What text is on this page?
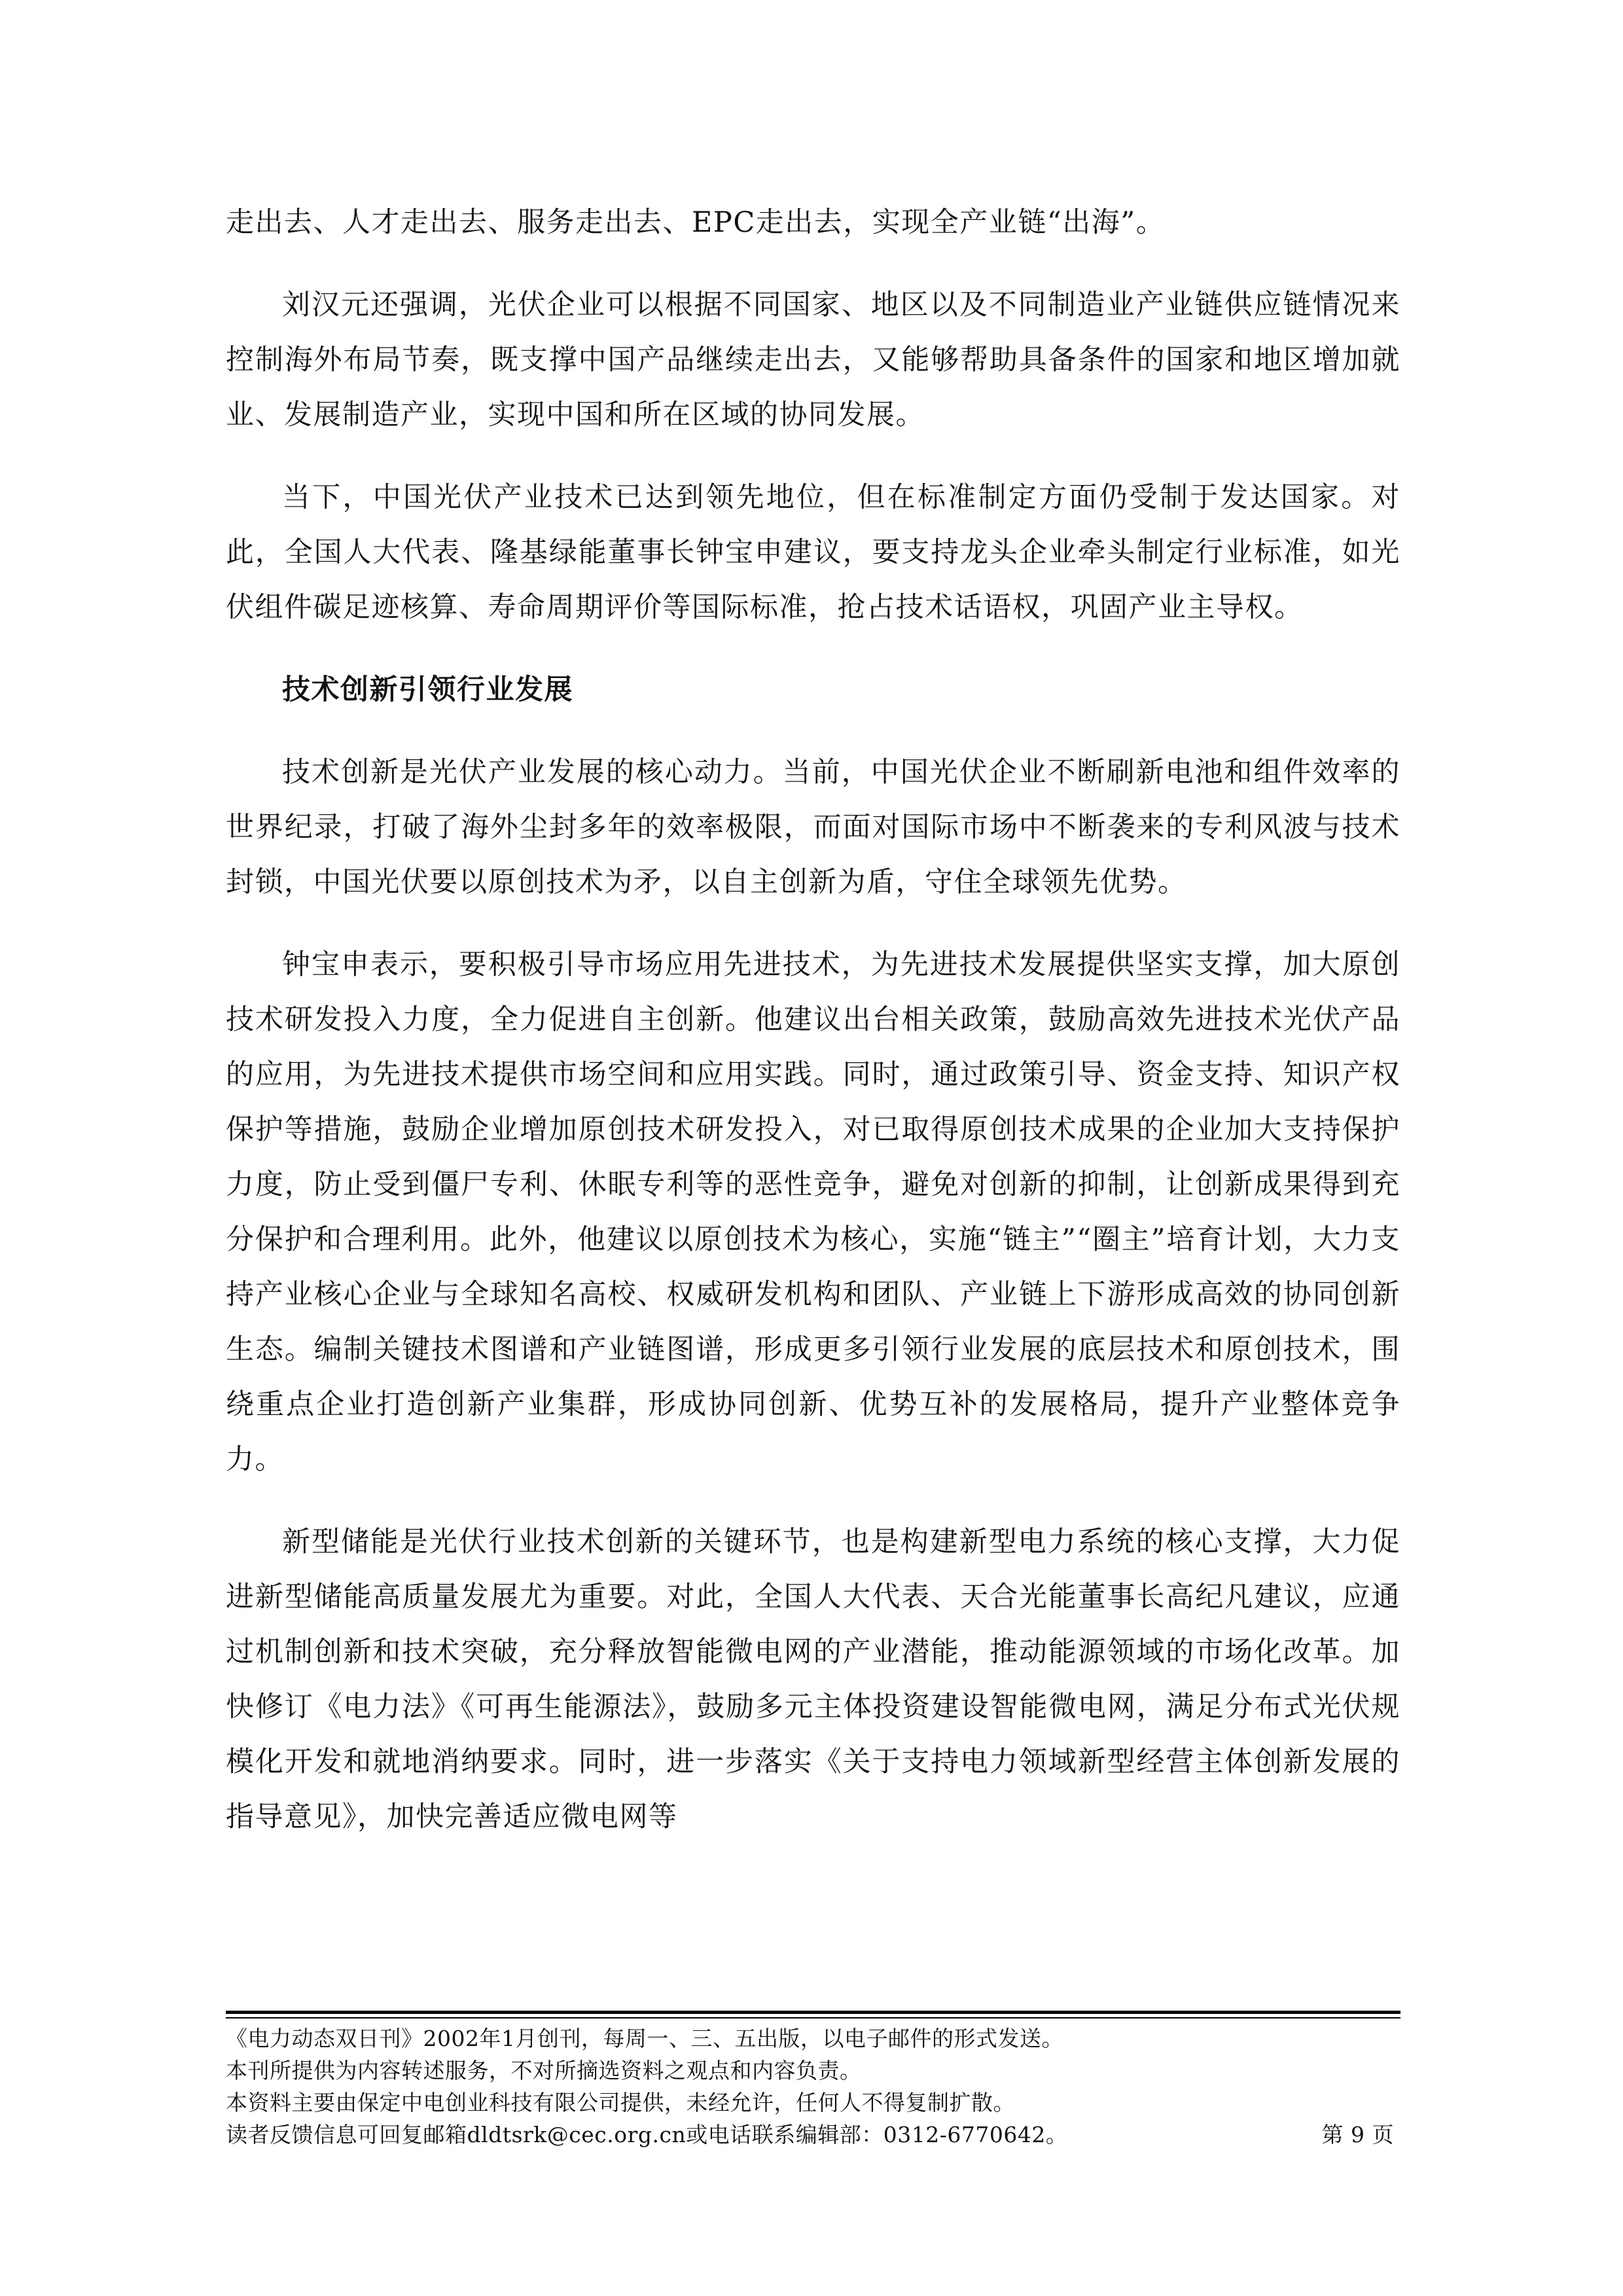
走出去、人才走出去、服务走出去、EPC走出去，实现全产业链“出海”。

刘汉元还强调，光伏企业可以根据不同国家、地区以及不同制造业产业链供应链情况来控制海外布局节奏，既支撑中国产品继续走出去，又能够帮助具备条件的国家和地区增加就业、发展制造产业，实现中国和所在区域的协同发展。

当下，中国光伏产业技术已达到领先地位，但在标准制定方面仍受制于发达国家。对此，全国人大代表、隆基绿能董事长钟宝申建议，要支持龙头企业牵头制定行业标准，如光伏组件碳足迹核算、寿命周期评价等国际标准，抢占技术话语权，巩固产业主导权。

技术创新引领行业发展

技术创新是光伏产业发展的核心动力。当前，中国光伏企业不断刷新电池和组件效率的世界纪录，打破了海外尘封多年的效率极限，而面对国际市场中不断袭来的专利风波与技术封锁，中国光伏要以原创技术为矛，以自主创新为盾，守住全球领先优势。

钟宝申表示，要积极引导市场应用先进技术，为先进技术发展提供坚实支撑，加大原创技术研发投入力度，全力促进自主创新。他建议出台相关政策，鼓励高效先进技术光伏产品的应用，为先进技术提供市场空间和应用实践。同时，通过政策引导、资金支持、知识产权保护等措施，鼓励企业增加原创技术研发投入，对已取得原创技术成果的企业加大支持保护力度，防止受到僵尸专利、休眠专利等的恶性竞争，避免对创新的抑制，让创新成果得到充分保护和合理利用。此外，他建议以原创技术为核心，实施“链主”“圈主”培育计划，大力支持产业核心企业与全球知名高校、权威研发机构和团队、产业链上下游形成高效的协同创新生态。编制关键技术图谱和产业链图谱，形成更多引领行业发展的底层技术和原创技术，围绕重点企业打造创新产业集群，形成协同创新、优势互补的发展格局，提升产业整体竞争力。

新型储能是光伏行业技术创新的关键环节，也是构建新型电力系统的核心支撑，大力促进新型储能高质量发展尤为重要。对此，全国人大代表、天合光能董事长高纪凡建议，应通过机制创新和技术突破，充分释放智能微电网的产业潜能，推动能源领域的市场化改革。加快修订《电力法》《可再生能源法》，鼓励多元主体投资建设智能微电网，满足分布式光伏规模化开发和就地消纳要求。同时，进一步落实《关于支持电力领域新型经营主体创新发展的指导意见》，加快完善适应微电网等

《电力动态双日刊》2002年1月创刊，每周一、三、五出版，以电子邮件的形式发送。

本刊所提供为内容转述服务，不对所摘选资料之观点和内容负责。

本资料主要由保定中电创业科技有限公司提供，未经允许，任何人不得复制扩散。

读者反馈信息可回复邮箱dldtsrk@cec.org.cn或电话联系编辑部：0312-6770642。	第 9 页
